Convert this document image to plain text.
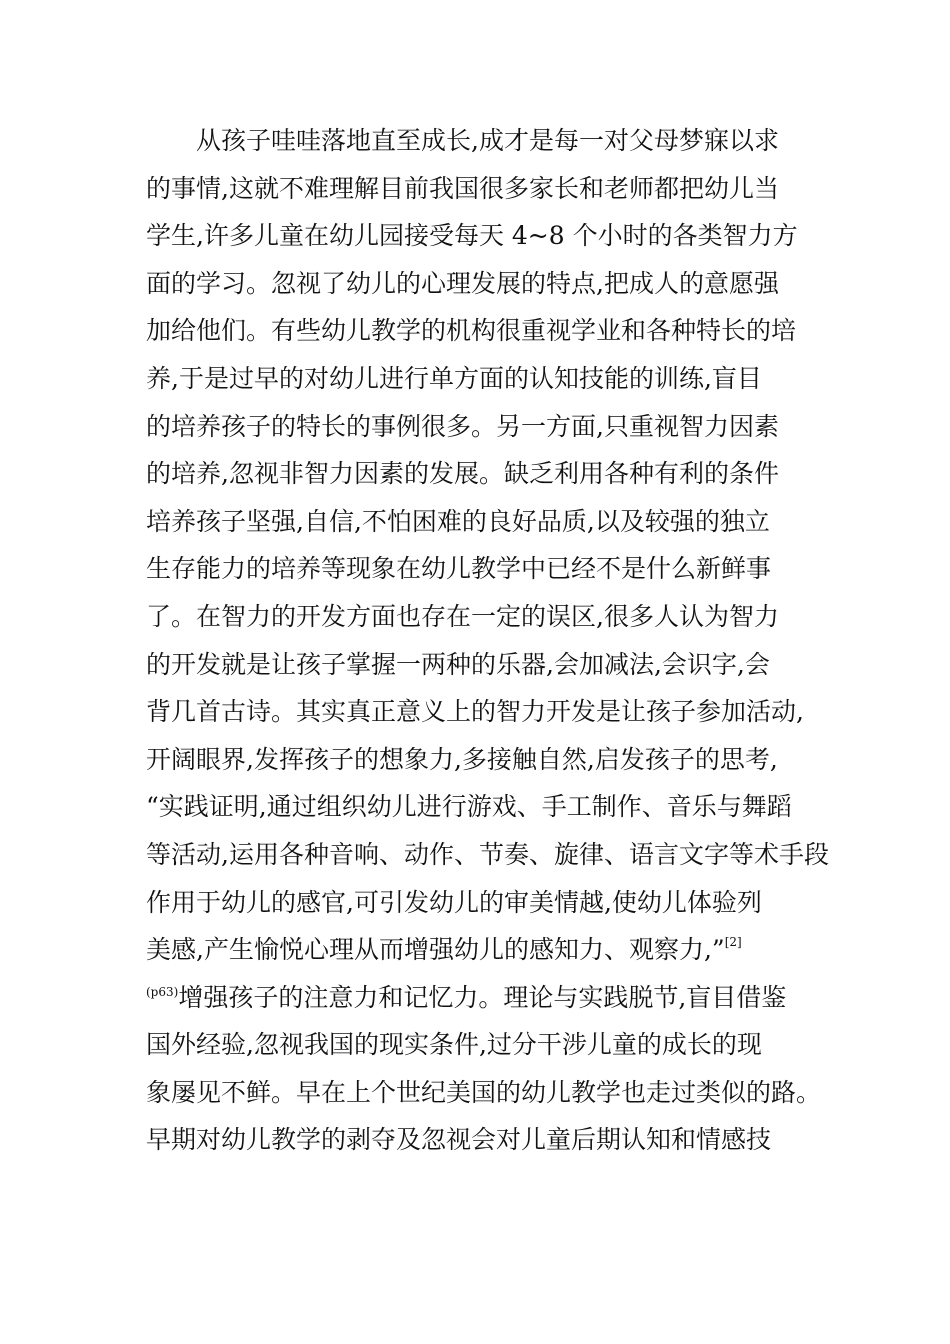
从孩子哇哇落地直至成长,成才是每一对父母梦寐以求
的事情,这就不难理解目前我国很多家长和老师都把幼儿当
学生,许多儿童在幼儿园接受每天 4~8 个小时的各类智力方
面的学习。忽视了幼儿的心理发展的特点,把成人的意愿强
加给他们。有些幼儿教学的机构很重视学业和各种特长的培
养,于是过早的对幼儿进行单方面的认知技能的训练,盲目
的培养孩子的特长的事例很多。另一方面,只重视智力因素
的培养,忽视非智力因素的发展。缺乏利用各种有利的条件
培养孩子坚强,自信,不怕困难的良好品质,以及较强的独立
生存能力的培养等现象在幼儿教学中已经不是什么新鲜事
了。在智力的开发方面也存在一定的误区,很多人认为智力
的开发就是让孩子掌握一两种的乐器,会加减法,会识字,会
背几首古诗。其实真正意义上的智力开发是让孩子参加活动,
开阔眼界,发挥孩子的想象力,多接触自然,启发孩子的思考,
“实践证明,通过组织幼儿进行游戏、手工制作、音乐与舞蹈
等活动,运用各种音响、动作、节奏、旋律、语言文字等术手段
作用于幼儿的感官,可引发幼儿的审美情越,使幼儿体验列
美感,产生愉悦心理从而增强幼儿的感知力、观察力,”[2]
$^{(p63)}$增强孩子的注意力和记忆力。理论与实践脱节,盲目借鉴
国外经验,忽视我国的现实条件,过分干涉儿童的成长的现
象屡见不鲜。早在上个世纪美国的幼儿教学也走过类似的路。
早期对幼儿教学的剥夺及忽视会对儿童后期认知和情感技
